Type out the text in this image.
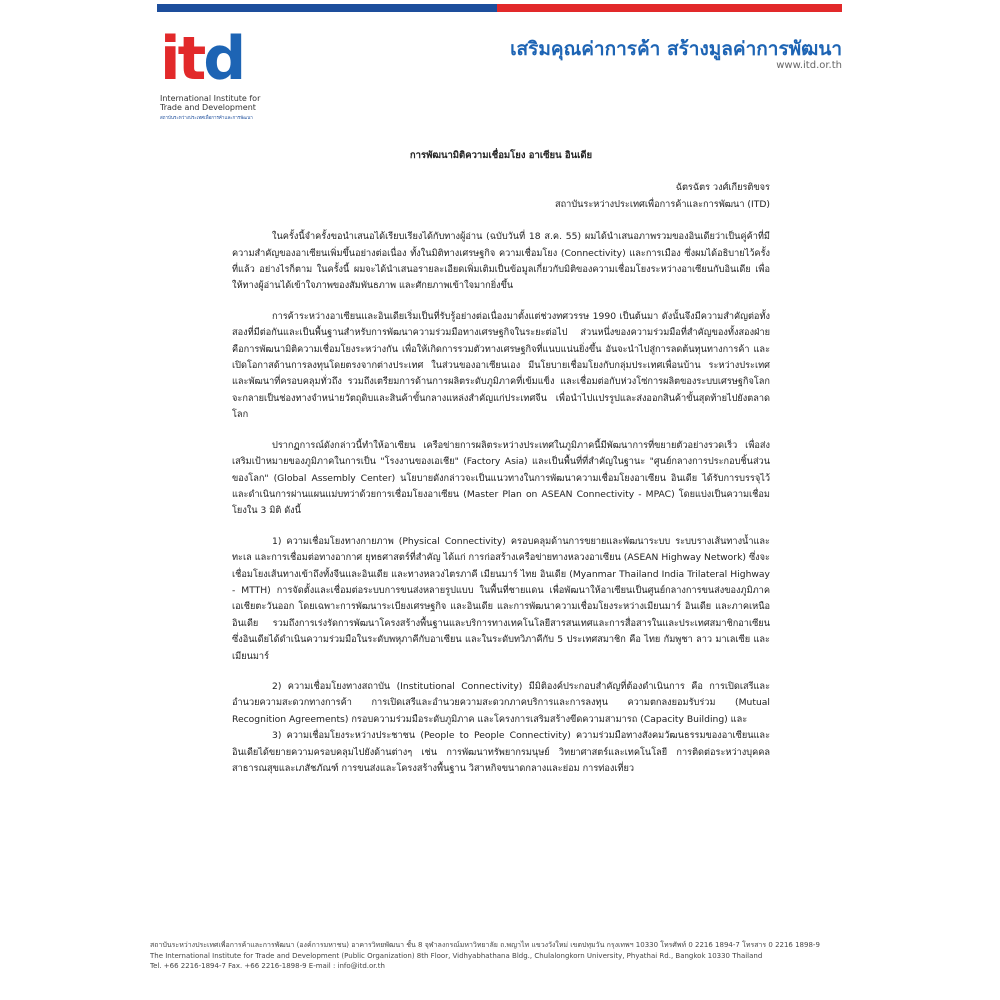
itd
International Institute for Trade and Development
สถาบันระหว่างประเทศเพื่อการค้าและการพัฒนา
เสริมคุณค่าการค้า สร้างมูลค่าการพัฒนา
www.itd.or.th
การพัฒนามิติความเชื่อมโยง อาเซียน อินเดีย
ฉัตรฉัตร วงศ์เกียรติขจร
สถาบันระหว่างประเทศเพื่อการค้าและการพัฒนา (ITD)

ในครั้งนี้จำครั้งขอนำเสนอได้เรียบเรียงได้กับทางผู้อ่าน (ฉบับวันที่ 18 ส.ค. 55) ผมได้นำเสนอภาพรวมของอินเดียว่าเป็นคู่ค้าที่มีความสำคัญของอาเซียนเพิ่มขึ้นอย่างต่อเนื่อง ทั้งในมิติทางเศรษฐกิจ ความเชื่อมโยง (Connectivity) และการเมือง ซึ่งผมได้อธิบายไว้ครั้งที่แล้ว อย่างไรก็ตาม ในครั้งนี้ ผมจะได้นำเสนอรายละเอียดเพิ่มเติมเป็นข้อมูลเกี่ยวกับมิติของความเชื่อมโยงระหว่างอาเซียนกับอินเดีย เพื่อให้ทางผู้อ่านได้เข้าใจภาพของสัมพันธภาพ และศักยภาพเข้าใจมากยิ่งขึ้น

การค้าระหว่างอาเซียนและอินเดียเริ่มเป็นที่รับรู้อย่างต่อเนื่องมาตั้งแต่ช่วงทศวรรษ 1990 เป็นต้นมา ดังนั้นจึงมีความสำคัญต่อทั้งสองที่มีต่อกันและเป็นพื้นฐานสำหรับการพัฒนาความร่วมมือทางเศรษฐกิจในระยะต่อไป ส่วนหนึ่งของความร่วมมือที่สำคัญของทั้งสองฝ่ายคือการพัฒนามิติความเชื่อมโยงระหว่างกัน เพื่อให้เกิดการรวมตัวทางเศรษฐกิจที่แนบแน่นยิ่งขึ้น อันจะนำไปสู่การลดต้นทุนทางการค้า และเปิดโอกาสด้านการลงทุนโดยตรงจากต่างประเทศ ในส่วนของอาเซียนเอง มีนโยบายเชื่อมโยงกับกลุ่มประเทศเพื่อนบ้าน ระหว่างประเทศและพัฒนาที่ครอบคลุมทั่วถึง รวมถึงเตรียมการด้านการผลิตระดับภูมิภาคที่เข้มแข็ง และเชื่อมต่อกับห่วงโซ่การผลิตของระบบเศรษฐกิจโลก จะกลายเป็นช่องทางจำหน่ายวัตถุดิบและสินค้าขั้นกลางแหล่งสำคัญแก่ประเทศจีน เพื่อนำไปแปรรูปและส่งออกสินค้าขั้นสุดท้ายไปยังตลาดโลก

ปรากฏการณ์ดังกล่าวนี้ทำให้อาเซียน เครือข่ายการผลิตระหว่างประเทศในภูมิภาคนี้มีพัฒนาการที่ขยายตัวอย่างรวดเร็ว เพื่อส่งเสริมเป้าหมายของภูมิภาคในการเป็น "โรงงานของเอเชีย" (Factory Asia) และเป็นพื้นที่ที่สำคัญในฐานะ "ศูนย์กลางการประกอบชิ้นส่วนของโลก" (Global Assembly Center) นโยบายดังกล่าวจะเป็นแนวทางในการพัฒนาความเชื่อมโยงอาเซียน อินเดีย ได้รับการบรรจุไว้และดำเนินการผ่านแผนแม่บทว่าด้วยการเชื่อมโยงอาเซียน (Master Plan on ASEAN Connectivity - MPAC) โดยแบ่งเป็นความเชื่อมโยงใน 3 มิติ ดังนี้

1) ความเชื่อมโยงทางกายภาพ (Physical Connectivity) ครอบคลุมด้านการขยายและพัฒนาระบบ ระบบรางเส้นทางน้ำและทะเล และการเชื่อมต่อทางอากาศ ยุทธศาสตร์ที่สำคัญ ได้แก่ การก่อสร้างเครือข่ายทางหลวงอาเซียน (ASEAN Highway Network) ซึ่งจะเชื่อมโยงเส้นทางเข้าถึงทั้งจีนและอินเดีย และทางหลวงไตรภาคี เมียนมาร์ ไทย อินเดีย (Myanmar Thailand India Trilateral Highway - MTTH) การจัดตั้งและเชื่อมต่อระบบการขนส่งหลายรูปแบบ ในพื้นที่ชายแดน เพื่อพัฒนาให้อาเซียนเป็นศูนย์กลางการขนส่งของภูมิภาคเอเชียตะวันออก โดยเฉพาะการพัฒนาระเบียงเศรษฐกิจ และอินเดีย และการพัฒนาความเชื่อมโยงระหว่างเมียนมาร์ อินเดีย และภาคเหนือ อินเดีย รวมถึงการเร่งรัดการพัฒนาโครงสร้างพื้นฐานและบริการทางเทคโนโลยีสารสนเทศและการสื่อสารในและประเทศสมาชิกอาเซียน ซึ่งอินเดียได้ดำเนินความร่วมมือในระดับพหุภาคีกับอาเซียน และในระดับทวิภาคีกับ 5 ประเทศสมาชิก คือ ไทย กัมพูชา ลาว มาเลเซีย และเมียนมาร์

2) ความเชื่อมโยงทางสถาบัน (Institutional Connectivity) มีมิติองค์ประกอบสำคัญที่ต้องดำเนินการ คือ การเปิดเสรีและอำนวยความสะดวกทางการค้า การเปิดเสรีและอำนวยความสะดวกภาคบริการและการลงทุน ความตกลงยอมรับร่วม (Mutual Recognition Agreements) กรอบความร่วมมือระดับภูมิภาค และโครงการเสริมสร้างขีดความสามารถ (Capacity Building) และ

3) ความเชื่อมโยงระหว่างประชาชน (People to People Connectivity) ความร่วมมือทางสังคมวัฒนธรรมของอาเซียนและอินเดียได้ขยายความครอบคลุมไปยังด้านต่างๆ เช่น การพัฒนาทรัพยากรมนุษย์ วิทยาศาสตร์และเทคโนโลยี การติดต่อระหว่างบุคคล สาธารณสุขและเภสัชภัณฑ์ การขนส่งและโครงสร้างพื้นฐาน วิสาหกิจขนาดกลางและย่อม การท่องเที่ยว

สถาบันระหว่างประเทศเพื่อการค้าและการพัฒนา (องค์การมหาชน) อาคารวิทยพัฒนา ชั้น 8 จุฬาลงกรณ์มหาวิทยาลัย ถ.พญาไท แขวงวังใหม่ เขตปทุมวัน กรุงเทพฯ 10330 โทรศัพท์ 0 2216 1894-7 โทรสาร 0 2216 1898-9
The International Institute for Trade and Development (Public Organization) 8th Floor, Vidhyabhathana Bldg., Chulalongkorn University, Phyathai Rd., Bangkok 10330 Thailand
Tel. +66 2216-1894-7 Fax. +66 2216-1898-9 E-mail : info@itd.or.th
